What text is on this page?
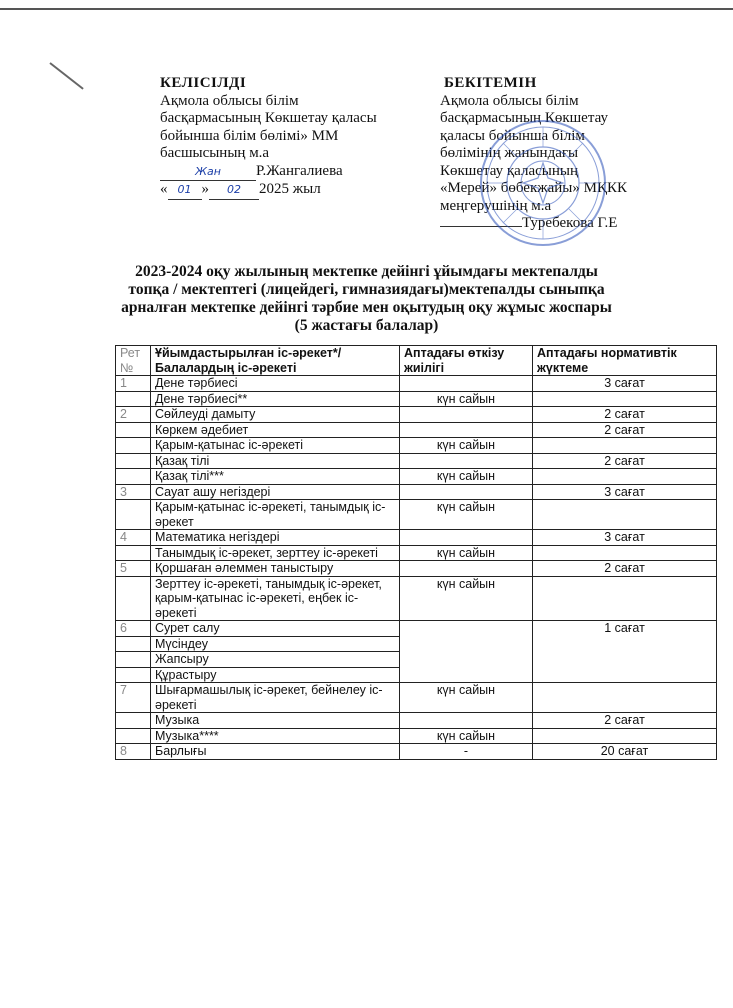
КЕЛІСІЛДІ
Ақмола облысы білім
басқармасының Көкшетау қаласы
бойынша білім бөлімі» ММ
басшысының м.а
Жан Р.Жангалиева
« 01 » 02 2025 жыл
БЕКІТЕМІН
Ақмола облысы білім
басқармасының Көкшетау
қаласы бойынша білім
бөлімінің жанындағы
Көкшетау қаласының
«Мерей» бөбекжайы» МҚКК
меңгерушінің м.а
Туребекова Г.Е
2023-2024 оқу жылының мектепке дейінгі ұйымдағы мектепалды
топқа / мектептегі (лицейдегі, гимназиядағы)мектепалды сыныпқа
арналған мектепке дейінгі тәрбие мен оқытудың оқу жұмыс жоспары
(5 жастағы балалар)
Рет №	Ұйымдастырылған іс-әрекет*/ Балалардың іс-әрекеті	Аптадағы өткізу жиілігі	Аптадағы нормативтік жүктеме
1	Дене тәрбиесі		3 сағат
	Дене тәрбиесі**	күн сайын	
2	Сөйлеуді дамыту		2 сағат
	Көркем әдебиет		2 сағат
	Қарым-қатынас іс-әрекеті	күн сайын	
	Қазақ тілі		2 сағат
	Қазақ тілі***	күн сайын	
3	Сауат ашу негіздері		3 сағат
	Қарым-қатынас іс-әрекеті, танымдық іс-әрекет	күн сайын	
4	Математика негіздері		3 сағат
	Танымдық іс-әрекет, зерттеу іс-әрекеті	күн сайын	
5	Қоршаған әлеммен таныстыру		2 сағат
	Зерттеу іс-әрекеті, танымдық іс-әрекет, қарым-қатынас іс-әрекеті, еңбек іс-әрекеті	күн сайын	
6	Сурет салу		1 сағат
	Мүсіндеу		
	Жапсыру		
	Құрастыру		
7	Шығармашылық іс-әрекет, бейнелеу іс-әрекеті	күн сайын	
	Музыка		2 сағат
	Музыка****	күн сайын	
8	Барлығы	-	20 сағат
